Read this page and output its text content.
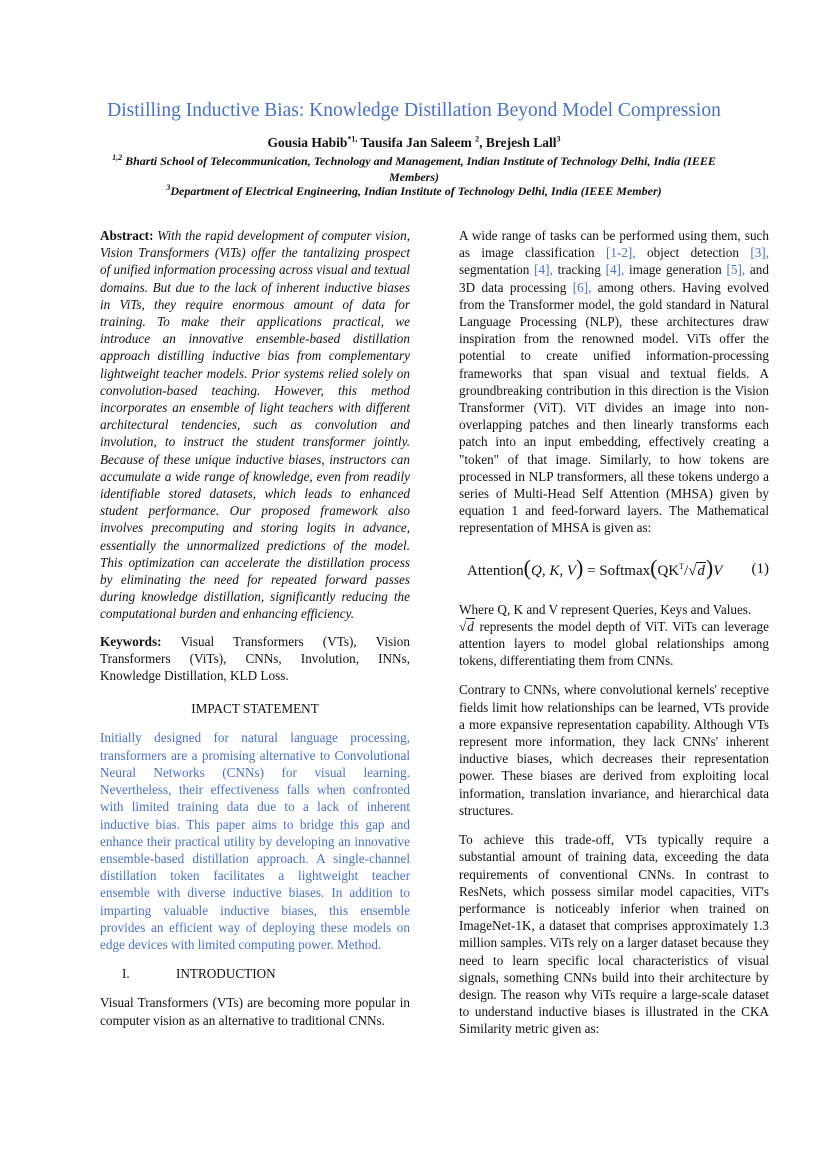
Distilling Inductive Bias: Knowledge Distillation Beyond Model Compression
Gousia Habib$^{*1,}$ Tausifa Jan Saleem $^2$, Brejesh Lall$^3$
$^{1,2}$ Bharti School of Telecommunication, Technology and Management, Indian Institute of Technology Delhi, India (IEEE Members)
$^3$Department of Electrical Engineering, Indian Institute of Technology Delhi, India (IEEE Member)

Abstract: With the rapid development of computer vision, Vision Transformers (ViTs) offer the tantalizing prospect of unified information processing across visual and textual domains. But due to the lack of inherent inductive biases in ViTs, they require enormous amount of data for training. To make their applications practical, we introduce an innovative ensemble-based distillation approach distilling inductive bias from complementary lightweight teacher models. Prior systems relied solely on convolution-based teaching. However, this method incorporates an ensemble of light teachers with different architectural tendencies, such as convolution and involution, to instruct the student transformer jointly. Because of these unique inductive biases, instructors can accumulate a wide range of knowledge, even from readily identifiable stored datasets, which leads to enhanced student performance. Our proposed framework also involves precomputing and storing logits in advance, essentially the unnormalized predictions of the model. This optimization can accelerate the distillation process by eliminating the need for repeated forward passes during knowledge distillation, significantly reducing the computational burden and enhancing efficiency.

Keywords: Visual Transformers (VTs), Vision Transformers (ViTs), CNNs, Involution, INNs, Knowledge Distillation, KLD Loss.

IMPACT STATEMENT

Initially designed for natural language processing, transformers are a promising alternative to Convolutional Neural Networks (CNNs) for visual learning. Nevertheless, their effectiveness falls when confronted with limited training data due to a lack of inherent inductive bias. This paper aims to bridge this gap and enhance their practical utility by developing an innovative ensemble-based distillation approach. A single-channel distillation token facilitates a lightweight teacher ensemble with diverse inductive biases. In addition to imparting valuable inductive biases, this ensemble provides an efficient way of deploying these models on edge devices with limited computing power. Method.

I.	INTRODUCTION

Visual Transformers (VTs) are becoming more popular in computer vision as an alternative to traditional CNNs.

A wide range of tasks can be performed using them, such as image classification [1-2], object detection [3], segmentation [4], tracking [4], image generation [5], and 3D data processing [6], among others. Having evolved from the Transformer model, the gold standard in Natural Language Processing (NLP), these architectures draw inspiration from the renowned model. ViTs offer the potential to create unified information-processing frameworks that span visual and textual fields. A groundbreaking contribution in this direction is the Vision Transformer (ViT). ViT divides an image into non-overlapping patches and then linearly transforms each patch into an input embedding, effectively creating a "token" of that image. Similarly, to how tokens are processed in NLP transformers, all these tokens undergo a series of Multi-Head Self Attention (MHSA) given by equation 1 and feed-forward layers. The Mathematical representation of MHSA is given as:

Attention(Q, K, $V) = Softmax(QK^T/√d)V$ (1)

Where Q, K and V represent Queries, Keys and Values.
√d represents the model depth of ViT. ViTs can leverage attention layers to model global relationships among tokens, differentiating them from CNNs.

Contrary to CNNs, where convolutional kernels' receptive fields limit how relationships can be learned, VTs provide a more expansive representation capability. Although VTs represent more information, they lack CNNs' inherent inductive biases, which decreases their representation power. These biases are derived from exploiting local information, translation invariance, and hierarchical data structures.

To achieve this trade-off, VTs typically require a substantial amount of training data, exceeding the data requirements of conventional CNNs. In contrast to ResNets, which possess similar model capacities, ViT's performance is noticeably inferior when trained on ImageNet-1K, a dataset that comprises approximately 1.3 million samples. ViTs rely on a larger dataset because they need to learn specific local characteristics of visual signals, something CNNs build into their architecture by design. The reason why ViTs require a large-scale dataset to understand inductive biases is illustrated in the CKA Similarity metric given as:
